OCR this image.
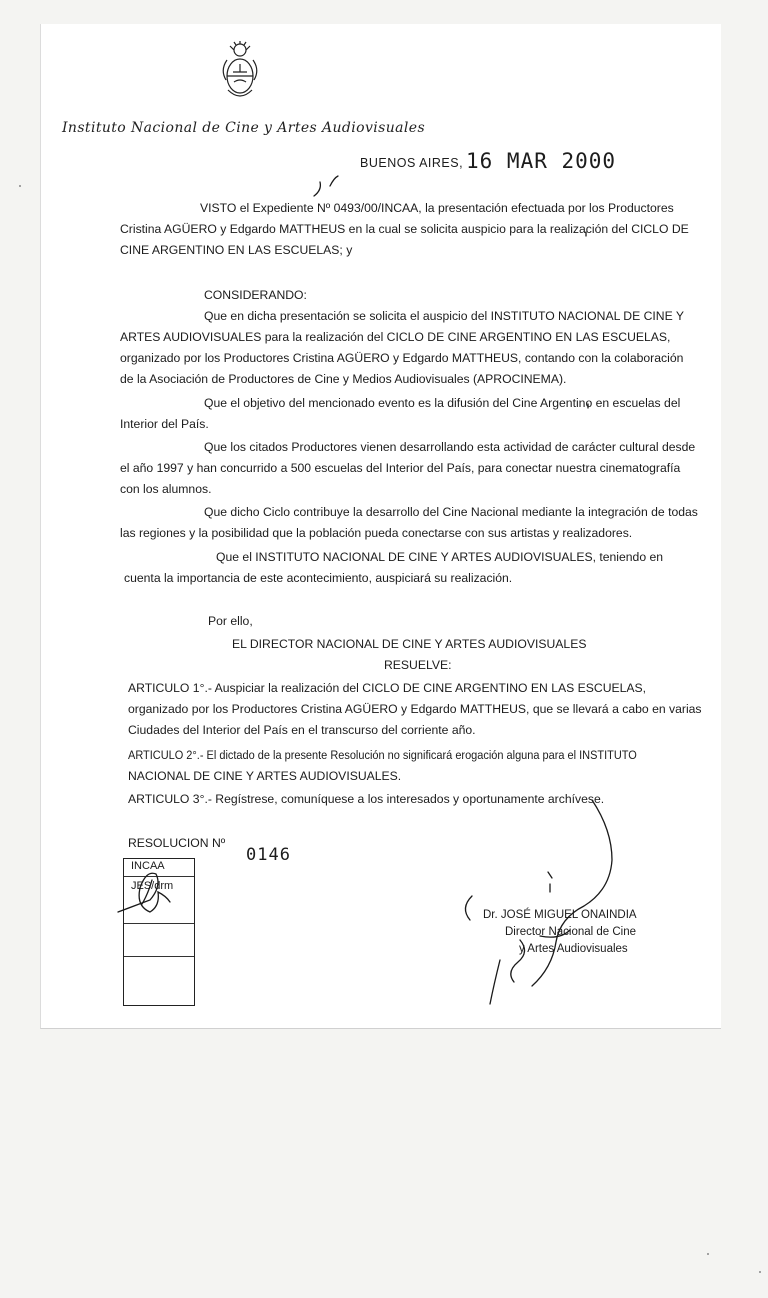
Instituto Nacional de Cine y Artes Audiovisuales
BUENOS AIRES, 16 MAR 2000
VISTO el Expediente Nº 0493/00/INCAA, la presentación efectuada por los Productores
Cristina AGÜERO y Edgardo MATTHEUS en la cual se solicita auspicio para la realización del CICLO DE
CINE ARGENTINO EN LAS ESCUELAS; y
CONSIDERANDO:
Que en dicha presentación se solicita el auspicio del INSTITUTO NACIONAL DE CINE Y
ARTES AUDIOVISUALES para la realización del CICLO DE CINE ARGENTINO EN LAS ESCUELAS,
organizado por los Productores Cristina AGÜERO y Edgardo MATTHEUS, contando con la colaboración
de la Asociación de Productores de Cine y Medios Audiovisuales (APROCINEMA).
Que el objetivo del mencionado evento es la difusión del Cine Argentino en escuelas del
Interior del País.
Que los citados Productores vienen desarrollando esta actividad de carácter cultural desde
el año 1997 y han concurrido a 500 escuelas del Interior del País, para conectar nuestra cinematografía
con los alumnos.
Que dicho Ciclo contribuye la desarrollo del Cine Nacional mediante la integración de todas
las regiones y la posibilidad que la población pueda conectarse con sus artistas y realizadores.
Que el INSTITUTO NACIONAL DE CINE Y ARTES AUDIOVISUALES, teniendo en
cuenta la importancia de este acontecimiento, auspiciará su realización.
Por ello,
EL DIRECTOR NACIONAL DE CINE Y ARTES AUDIOVISUALES
RESUELVE:
ARTICULO 1°.- Auspiciar la realización del CICLO DE CINE ARGENTINO EN LAS ESCUELAS,
organizado por los Productores Cristina AGÜERO y Edgardo MATTHEUS, que se llevará a cabo en varias
Ciudades del Interior del País en el transcurso del corriente año.
ARTICULO 2°.- El dictado de la presente Resolución no significará erogación alguna para el INSTITUTO
NACIONAL DE CINE Y ARTES AUDIOVISUALES.
ARTICULO 3°.- Regístrese, comuníquese a los interesados y oportunamente archívese.
RESOLUCION Nº
0146
INCAA
JES/drm
Dr. JOSÉ MIGUEL ONAINDIA
Director Nacional de Cine
y Artes Audiovisuales
